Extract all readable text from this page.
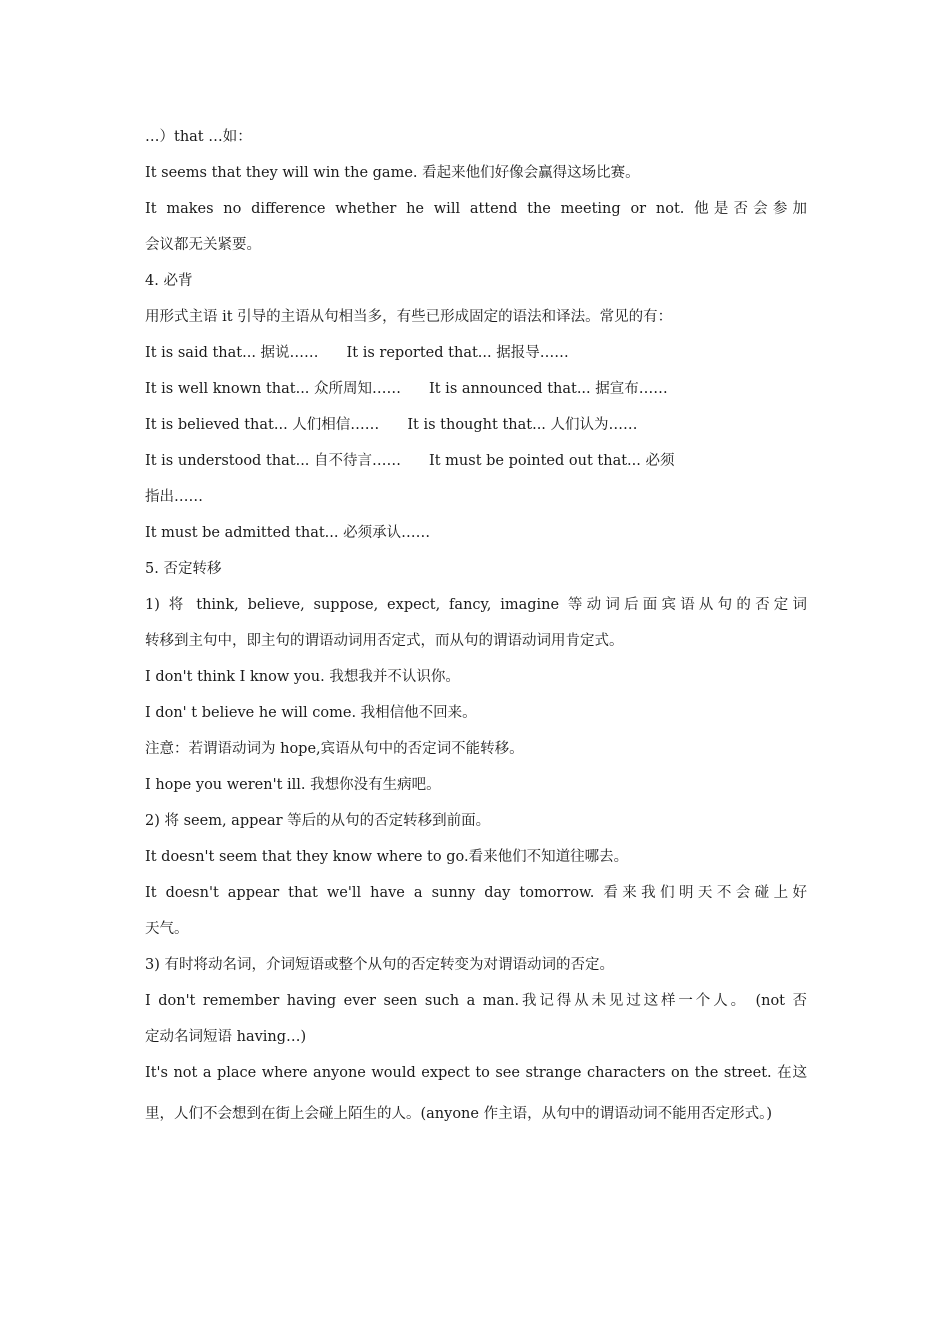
…）that …如：
It seems that they will win the game. 看起来他们好像会赢得这场比赛。
It makes no difference whether he will attend the meeting or not. 他是否会参加
会议都无关紧要。
4. 必背
用形式主语 it 引导的主语从句相当多，有些已形成固定的语法和译法。常见的有：
It is said that... 据说…… It is reported that... 据报导……
It is well known that... 众所周知…… It is announced that... 据宣布……
It is believed that... 人们相信…… It is thought that... 人们认为……
It is understood that... 自不待言…… It must be pointed out that... 必须
指出……
It must be admitted that... 必须承认……
5. 否定转移
1) 将 think, believe, suppose, expect, fancy, imagine 等动词后面宾语从句的否定词
转移到主句中，即主句的谓语动词用否定式，而从句的谓语动词用肯定式。
I don't think I know you. 我想我并不认识你。
I don' t believe he will come. 我相信他不回来。
注意：若谓语动词为 hope,宾语从句中的否定词不能转移。
I hope you weren't ill. 我想你没有生病吧。
2) 将 seem, appear 等后的从句的否定转移到前面。
It doesn't seem that they know where to go.看来他们不知道往哪去。
It doesn't appear that we'll have a sunny day tomorrow. 看来我们明天不会碰上好
天气。
3) 有时将动名词，介词短语或整个从句的否定转变为对谓语动词的否定。
I don't remember having ever seen such a man.我记得从未见过这样一个人。 (not 否
定动名词短语 having…)
It's not a place where anyone would expect to see strange characters on the street. 在这里，人们不会想到在街上会碰上陌生的人。(anyone 作主语，从句中的谓语动词不能用否定形式。)
